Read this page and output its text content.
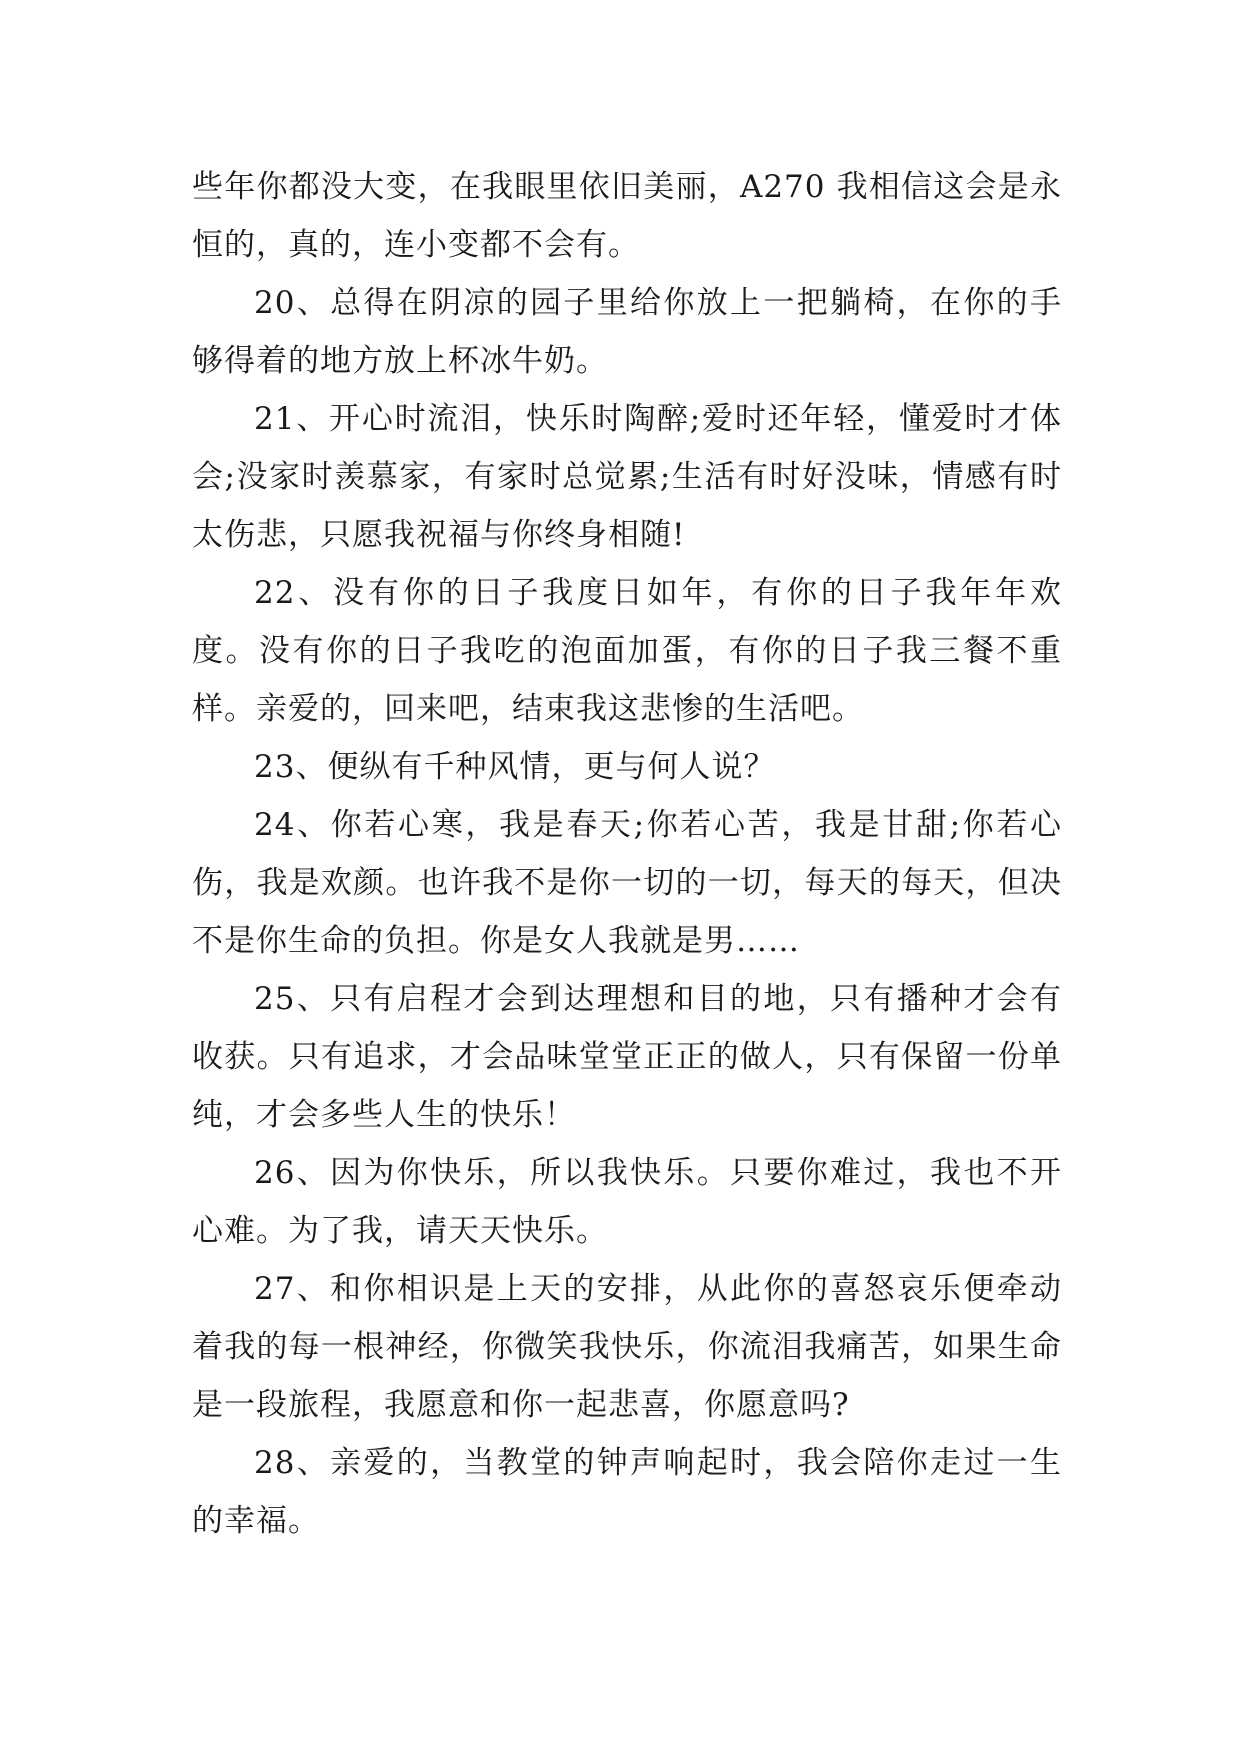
些年你都没大变，在我眼里依旧美丽，A270 我相信这会是永恒的，真的，连小变都不会有。

20、总得在阴凉的园子里给你放上一把躺椅，在你的手够得着的地方放上杯冰牛奶。

21、开心时流泪，快乐时陶醉;爱时还年轻，懂爱时才体会;没家时羡慕家，有家时总觉累;生活有时好没味，情感有时太伤悲，只愿我祝福与你终身相随!

22、没有你的日子我度日如年，有你的日子我年年欢度。没有你的日子我吃的泡面加蛋，有你的日子我三餐不重样。亲爱的，回来吧，结束我这悲惨的生活吧。

23、便纵有千种风情，更与何人说？

24、你若心寒，我是春天;你若心苦，我是甘甜;你若心伤，我是欢颜。也许我不是你一切的一切，每天的每天，但决不是你生命的负担。你是女人我就是男……

25、只有启程才会到达理想和目的地，只有播种才会有收获。只有追求，才会品味堂堂正正的做人，只有保留一份单纯，才会多些人生的快乐！

26、因为你快乐，所以我快乐。只要你难过，我也不开心难。为了我，请天天快乐。

27、和你相识是上天的安排，从此你的喜怒哀乐便牵动着我的每一根神经，你微笑我快乐，你流泪我痛苦，如果生命是一段旅程，我愿意和你一起悲喜，你愿意吗?

28、亲爱的，当教堂的钟声响起时，我会陪你走过一生的幸福。
